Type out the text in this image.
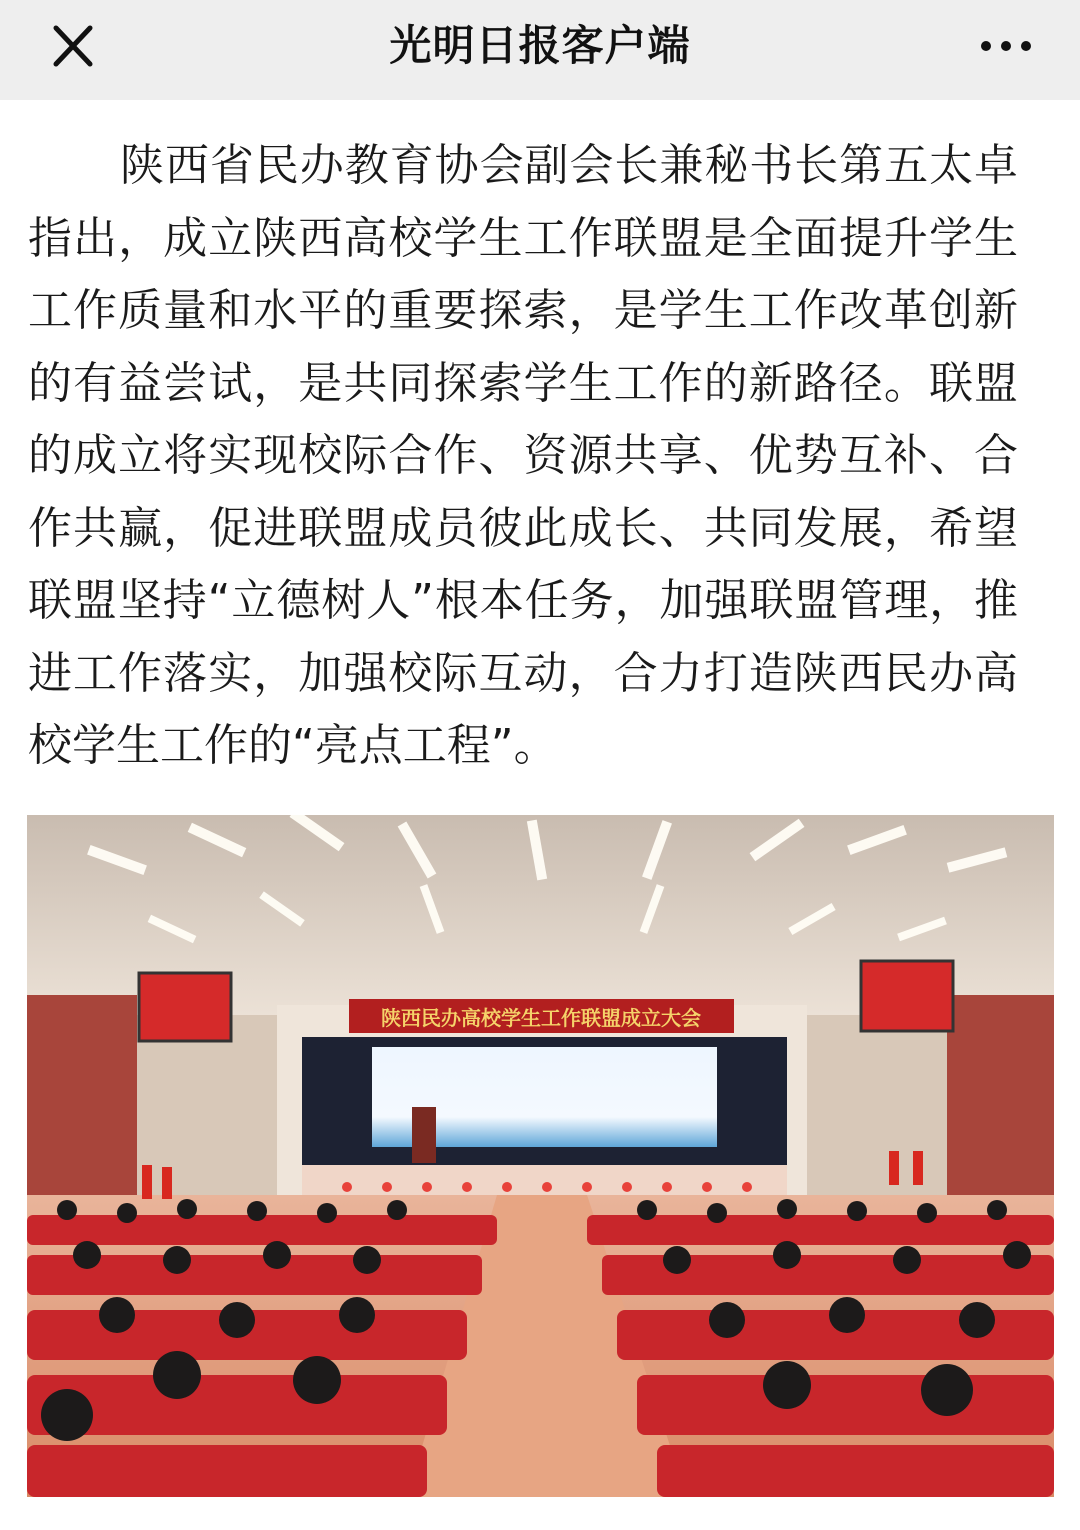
光明日报客户端
陕西省民办教育协会副会长兼秘书长第五太卓指出，成立陕西高校学生工作联盟是全面提升学生工作质量和水平的重要探索，是学生工作改革创新的有益尝试，是共同探索学生工作的新路径。联盟的成立将实现校际合作、资源共享、优势互补、合作共赢，促进联盟成员彼此成长、共同发展，希望联盟坚持“立德树人”根本任务，加强联盟管理，推进工作落实，加强校际互动，合力打造陕西民办高校学生工作的“亮点工程”。
陕西民办高校学生工作联盟成立大会
